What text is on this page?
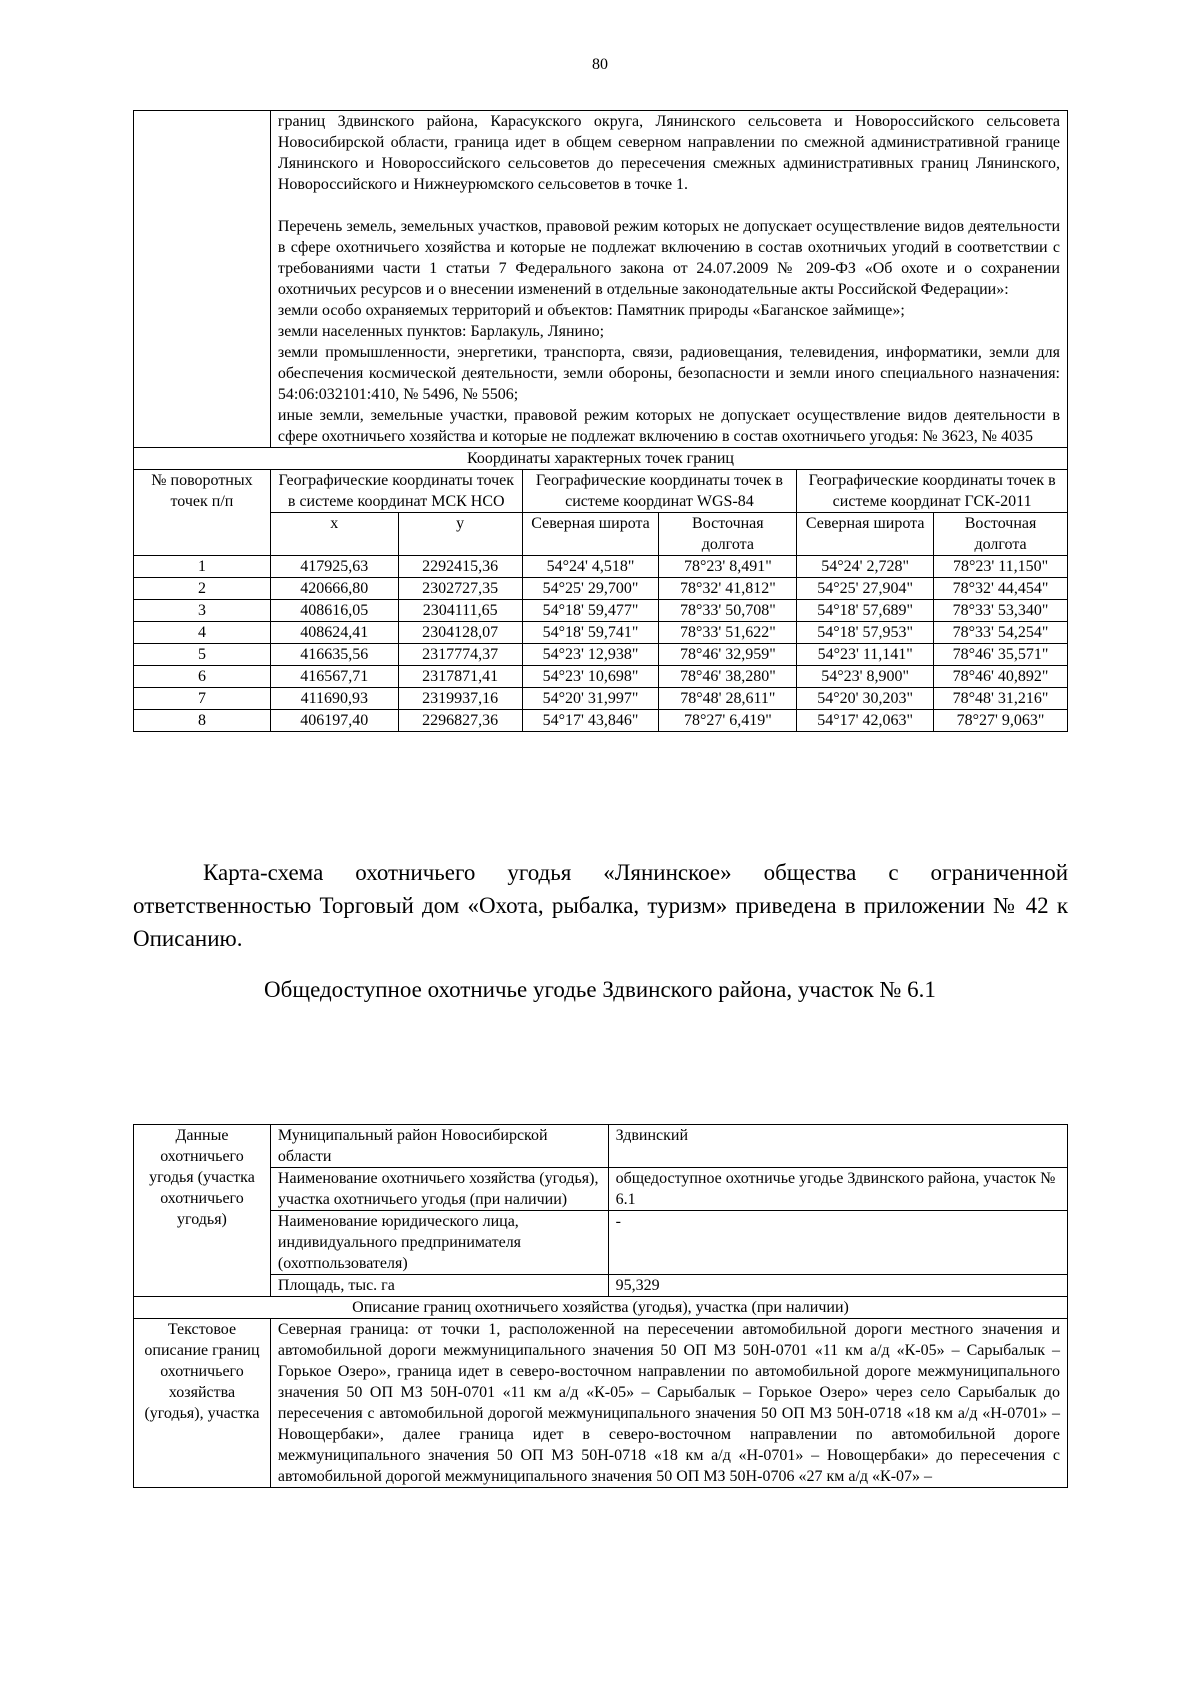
80

границ Здвинского района, Карасукского округа, Лянинского сельсовета и Новороссийского сельсовета Новосибирской области, граница идет в общем северном направлении по смежной административной границе Лянинского и Новороссийского сельсоветов до пересечения смежных административных границ Лянинского, Новороссийского и Нижнеурюмского сельсоветов в точке 1.

Перечень земель, земельных участков, правовой режим которых не допускает осуществление видов деятельности в сфере охотничьего хозяйства и которые не подлежат включению в состав охотничьих угодий в соответствии с требованиями части 1 статьи 7 Федерального закона от 24.07.2009 № 209-ФЗ «Об охоте и о сохранении охотничьих ресурсов и о внесении изменений в отдельные законодательные акты Российской Федерации»:

земли особо охраняемых территорий и объектов: Памятник природы «Баганское займище»;

земли населенных пунктов: Барлакуль, Лянино;

земли промышленности, энергетики, транспорта, связи, радиовещания, телевидения, информатики, земли для обеспечения космической деятельности, земли обороны, безопасности и земли иного специального назначения: 54:06:032101:410, № 5496, № 5506;

иные земли, земельные участки, правовой режим которых не допускает осуществление видов деятельности в сфере охотничьего хозяйства и которые не подлежат включению в состав охотничьего угодья: № 3623, № 4035

Координаты характерных точек границ						
№ поворотных точек п/п	Географические координаты точек в системе координат МСК НСО		Географические координаты точек в системе координат WGS-84		Географические координаты точек в системе координат ГСК-2011	
	x	y	Северная широта	Восточная долгота	Северная широта	Восточная долгота
1	417925,63	2292415,36	54°24' 4,518"	78°23' 8,491"	54°24' 2,728"	78°23' 11,150"
2	420666,80	2302727,35	54°25' 29,700"	78°32' 41,812"	54°25' 27,904"	78°32' 44,454"
3	408616,05	2304111,65	54°18' 59,477"	78°33' 50,708"	54°18' 57,689"	78°33' 53,340"
4	408624,41	2304128,07	54°18' 59,741"	78°33' 51,622"	54°18' 57,953"	78°33' 54,254"
5	416635,56	2317774,37	54°23' 12,938"	78°46' 32,959"	54°23' 11,141"	78°46' 35,571"
6	416567,71	2317871,41	54°23' 10,698"	78°46' 38,280"	54°23' 8,900"	78°46' 40,892"
7	411690,93	2319937,16	54°20' 31,997"	78°48' 28,611"	54°20' 30,203"	78°48' 31,216"
8	406197,40	2296827,36	54°17' 43,846"	78°27' 6,419"	54°17' 42,063"	78°27' 9,063"
Карта-схема охотничьего угодья «Лянинское» общества с ограниченной ответственностью Торговый дом «Охота, рыбалка, туризм» приведена в приложении № 42 к Описанию.
Общедоступное охотничье угодье Здвинского района, участок № 6.1
Данные охотничьего угодья (участка охотничьего угодья)	Муниципальный район Новосибирской области	Здвинский
	Наименование охотничьего хозяйства (угодья), участка охотничьего угодья (при наличии)	общедоступное охотничье угодье Здвинского района, участок № 6.1
	Наименование юридического лица, индивидуального предпринимателя (охотпользователя)	-
	Площадь, тыс. га	95,329
Описание границ охотничьего хозяйства (угодья), участка (при наличии)		
Текстовое описание границ охотничьего хозяйства (угодья), участка	Северная граница: от точки 1, расположенной на пересечении автомобильной дороги местного значения и автомобильной дороги межмуниципального значения 50 ОП МЗ 50Н-0701 «11 км а/д «К-05» – Сарыбалык – Горькое Озеро», граница идет в северо-восточном направлении по автомобильной дороге межмуниципального значения 50 ОП МЗ 50Н-0701 «11 км а/д «К-05» – Сарыбалык – Горькое Озеро» через село Сарыбалык до пересечения с автомобильной дорогой межмуниципального значения 50 ОП МЗ 50Н-0718 «18 км а/д «Н-0701» – Новощербаки», далее граница идет в северо-восточном направлении по автомобильной дороге межмуниципального значения 50 ОП МЗ 50Н-0718 «18 км а/д «Н-0701» – Новощербаки» до пересечения с автомобильной дорогой межмуниципального значения 50 ОП МЗ 50Н-0706 «27 км а/д «К-07» –	
